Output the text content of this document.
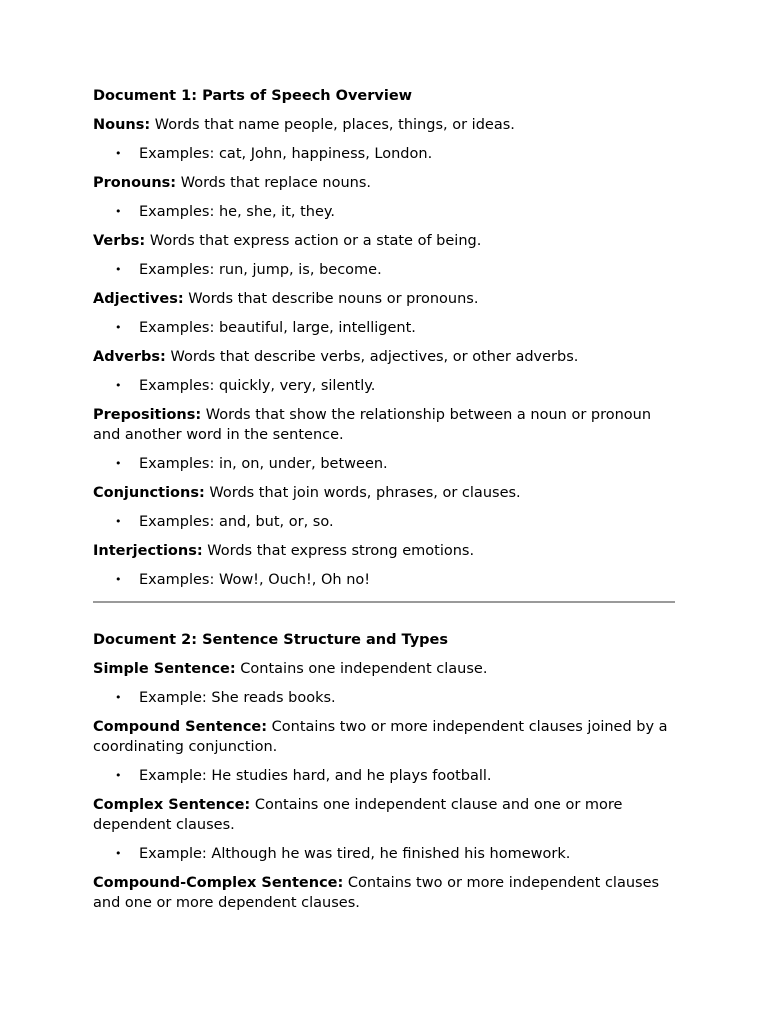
Document 1: Parts of Speech Overview

Nouns: Words that name people, places, things, or ideas.

• Examples: cat, John, happiness, London.

Pronouns: Words that replace nouns.

• Examples: he, she, it, they.

Verbs: Words that express action or a state of being.

• Examples: run, jump, is, become.

Adjectives: Words that describe nouns or pronouns.

• Examples: beautiful, large, intelligent.

Adverbs: Words that describe verbs, adjectives, or other adverbs.

• Examples: quickly, very, silently.

Prepositions: Words that show the relationship between a noun or pronoun and another word in the sentence.

• Examples: in, on, under, between.

Conjunctions: Words that join words, phrases, or clauses.

• Examples: and, but, or, so.

Interjections: Words that express strong emotions.

• Examples: Wow!, Ouch!, Oh no!
Document 2: Sentence Structure and Types

Simple Sentence: Contains one independent clause.

• Example: She reads books.

Compound Sentence: Contains two or more independent clauses joined by a coordinating conjunction.

• Example: He studies hard, and he plays football.

Complex Sentence: Contains one independent clause and one or more dependent clauses.

• Example: Although he was tired, he finished his homework.

Compound-Complex Sentence: Contains two or more independent clauses and one or more dependent clauses.
